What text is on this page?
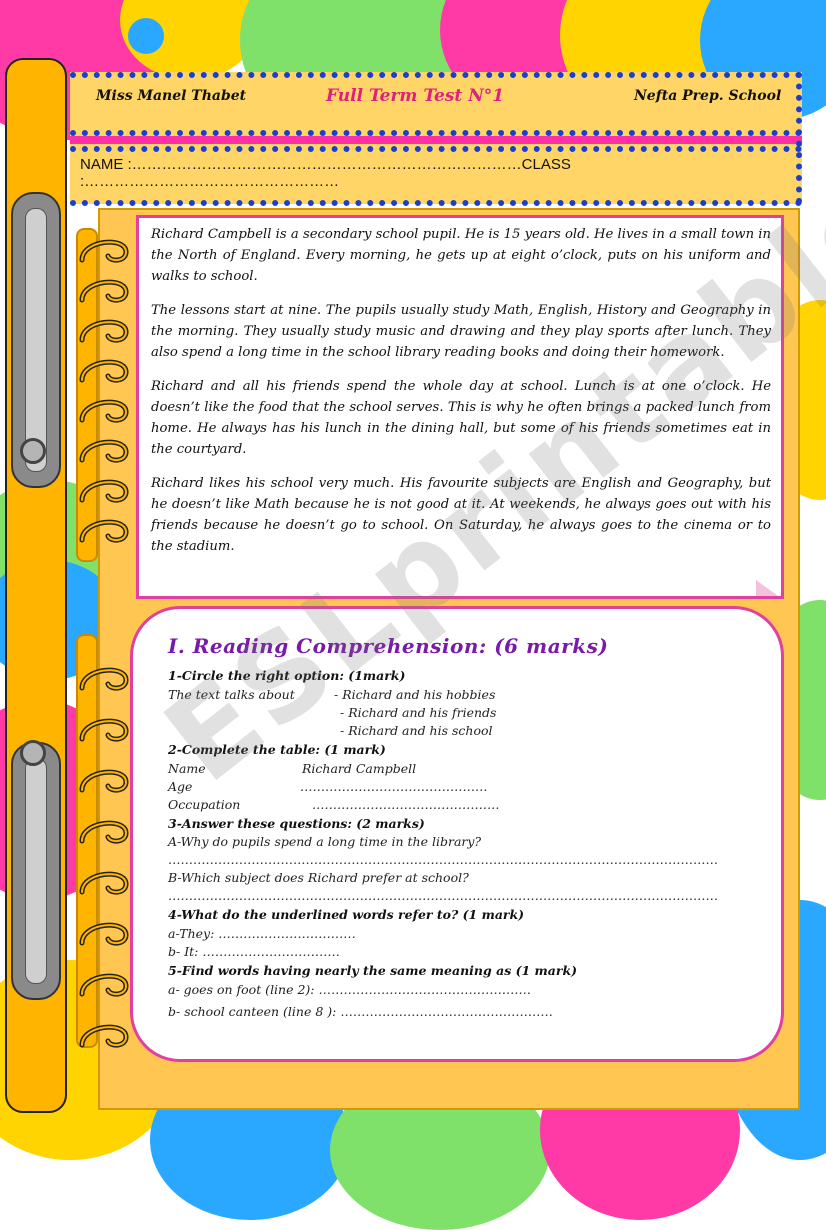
Miss Manel Thabet	Full Term Test N°1	Nefta Prep. School
NAME :……………………………………………………………………CLASS :……………………………………………

Richard Campbell is a secondary school pupil. He is 15 years old. He lives in a small town in the North of England. Every morning, he gets up at eight o’clock, puts on his uniform and walks to school.

The lessons start at nine. The pupils usually study Math, English, History and Geography in the morning. They usually study music and drawing and they play sports after lunch. They also spend a long time in the school library reading books and doing their homework.

Richard and all his friends spend the whole day at school. Lunch is at one o’clock. He doesn’t like the food that the school serves. This is why he often brings a packed lunch from home. He always has his lunch in the dining hall, but some of his friends sometimes eat in the courtyard.

Richard likes his school very much. His favourite subjects are English and Geography, but he doesn’t like Math because he is not good at it. At weekends, he always goes out with his friends because he doesn’t go to school. On Saturday, he always goes to the cinema or to the stadium.

I. Reading Comprehension: (6 marks)
1-Circle the right option: (1mark)
The text talks about	- Richard and his hobbies
- Richard and his friends
- Richard and his school
2-Complete the table: (1 mark)
Name	Richard Campbell
Age	………………………………………
Occupation	………………………………………
3-Answer these questions: (2 marks)
A-Why do pupils spend a long time in the library?
……………………………………………………………………………………………………………………
B-Which subject does Richard prefer at school?
……………………………………………………………………………………………………………………
4-What do the underlined words refer to? (1 mark)
a-They: ……………………………
b- It: ……………………………
5-Find words having nearly the same meaning as (1 mark)
a- goes on foot (line 2): ……………………………………………
b- school canteen (line 8 ): ……………………………………………
